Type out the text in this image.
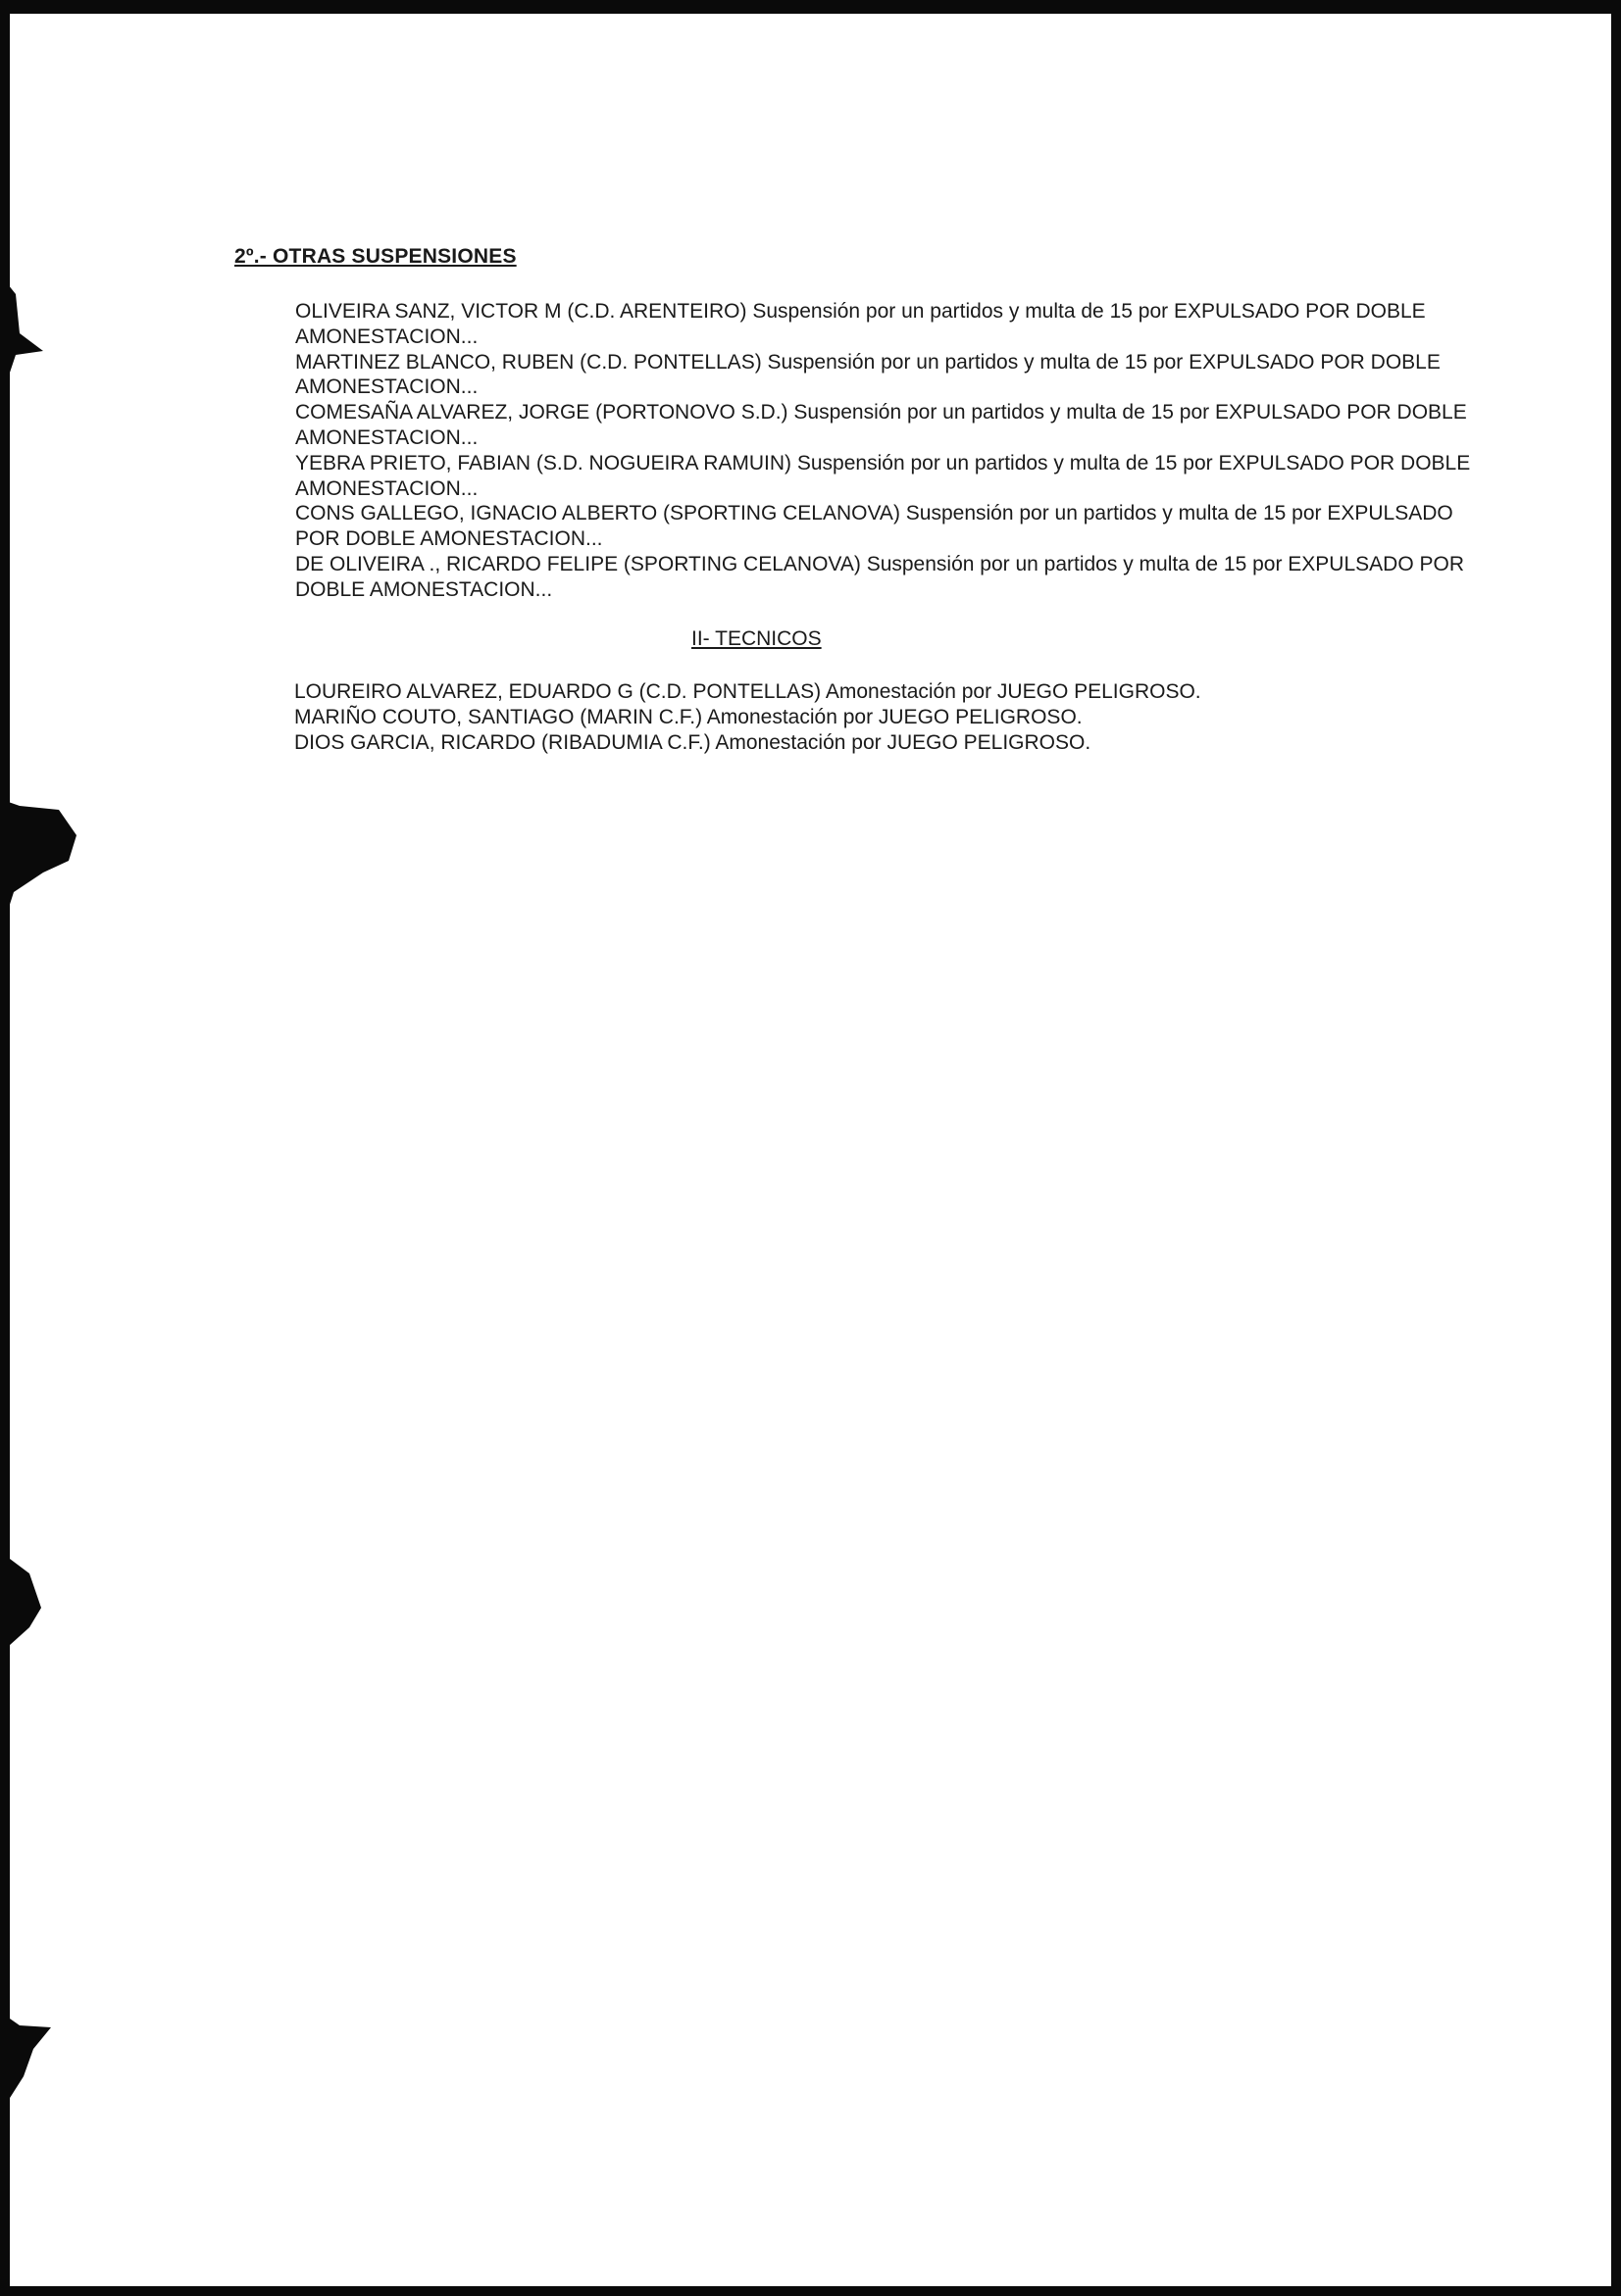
2º.- OTRAS SUSPENSIONES

OLIVEIRA SANZ, VICTOR M (C.D. ARENTEIRO) Suspensión por un partidos y multa de 15 por EXPULSADO POR DOBLE AMONESTACION...

MARTINEZ BLANCO, RUBEN (C.D. PONTELLAS) Suspensión por un partidos y multa de 15 por EXPULSADO POR DOBLE AMONESTACION...

COMESAÑA ALVAREZ, JORGE (PORTONOVO S.D.) Suspensión por un partidos y multa de 15 por EXPULSADO POR DOBLE AMONESTACION...

YEBRA PRIETO, FABIAN (S.D. NOGUEIRA RAMUIN) Suspensión por un partidos y multa de 15 por EXPULSADO POR DOBLE AMONESTACION...

CONS GALLEGO, IGNACIO ALBERTO (SPORTING CELANOVA) Suspensión por un partidos y multa de 15 por EXPULSADO POR DOBLE AMONESTACION...

DE OLIVEIRA ., RICARDO FELIPE (SPORTING CELANOVA) Suspensión por un partidos y multa de 15 por EXPULSADO POR DOBLE AMONESTACION...

II- TECNICOS

LOUREIRO ALVAREZ, EDUARDO G (C.D. PONTELLAS) Amonestación por JUEGO PELIGROSO.

MARIÑO COUTO, SANTIAGO (MARIN C.F.) Amonestación por JUEGO PELIGROSO.

DIOS GARCIA, RICARDO (RIBADUMIA C.F.) Amonestación por JUEGO PELIGROSO.
